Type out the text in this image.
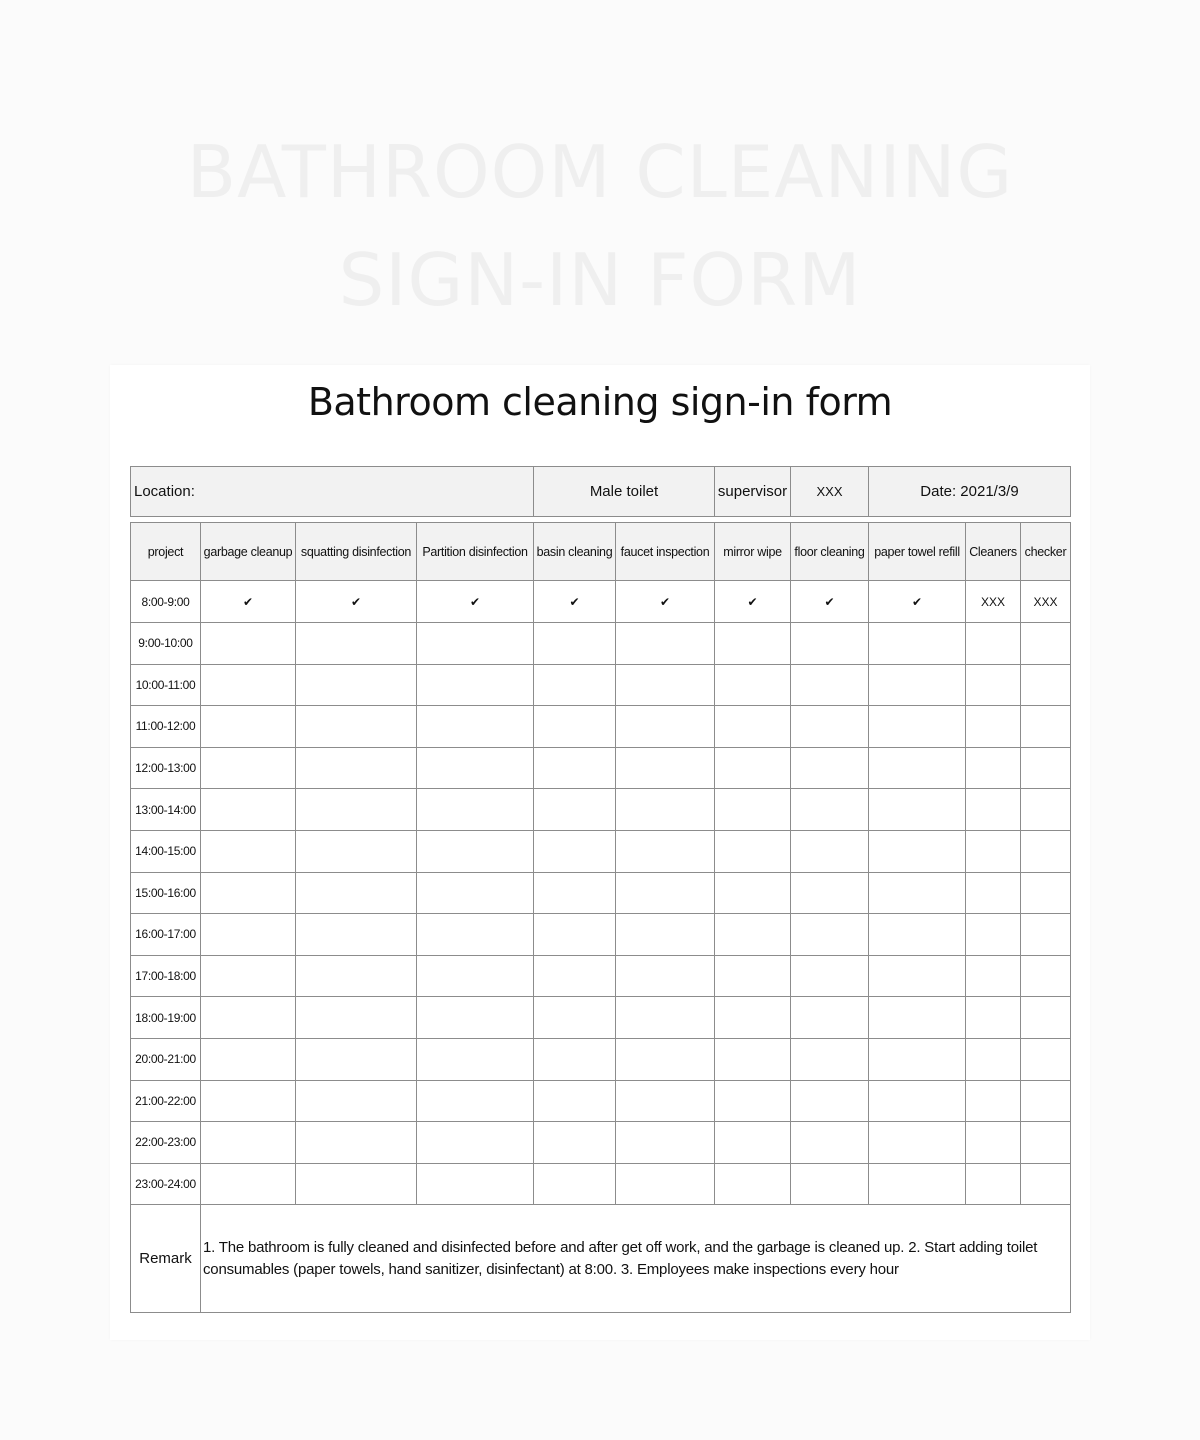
BATHROOM CLEANING
SIGN-IN FORM
Bathroom cleaning sign-in form
Location:	Male toilet	supervisor	XXX	Date: 2021/3/9
project	garbage cleanup	squatting disinfection	Partition disinfection	basin cleaning	faucet inspection	mirror wipe	floor cleaning	paper towel refill	Cleaners	checker
8:00-9:00	✔	✔	✔	✔	✔	✔	✔	✔	XXX	XXX
9:00-10:00										
10:00-11:00										
11:00-12:00										
12:00-13:00										
13:00-14:00										
14:00-15:00										
15:00-16:00										
16:00-17:00										
17:00-18:00										
18:00-19:00										
20:00-21:00										
21:00-22:00										
22:00-23:00										
23:00-24:00										
Remark	1. The bathroom is fully cleaned and disinfected before and after get off work, and the garbage is cleaned up. 2. Start adding toilet consumables (paper towels, hand sanitizer, disinfectant) at 8:00. 3. Employees make inspections every hour									
